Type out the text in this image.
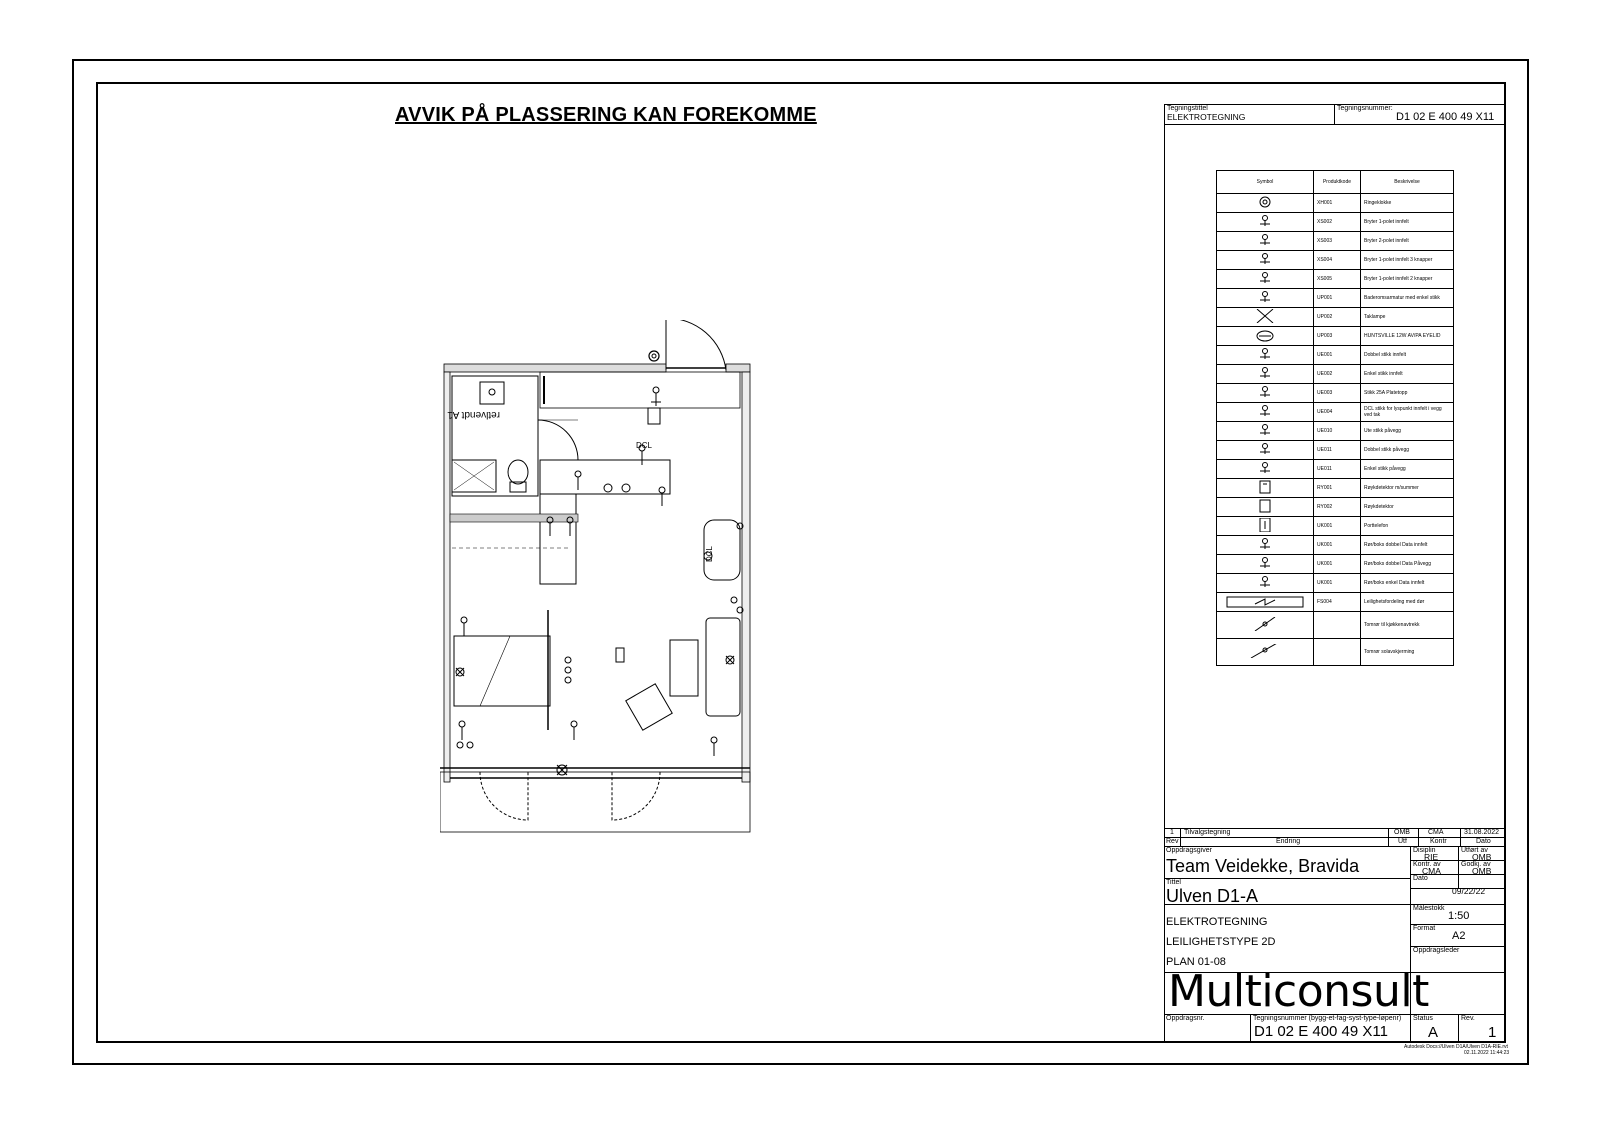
AVVIK PÅ PLASSERING KAN FOREKOMME
retlvendt A1
DCL
DCL
Tegningstittel
ELEKTROTEGNING
Tegningsnummer:
D1 02 E 400 49 X11
Symbol	Produktkode	Beskrivelse
	XH001	Ringeklokke
	XS002	Bryter 1-polet innfelt
	XS003	Bryter 2-polet innfelt
	XS004	Bryter 1-polet innfelt 3 knapper
	XS005	Bryter 1-polet innfelt 2 knapper
	UP001	Baderomsarmatur med enkel stikk
	UP002	Taklampe
	UP003	HUNTSVILLE 12W AV/PA EYELID
	UE001	Dobbel stikk innfelt
	UE002	Enkel stikk innfelt
	UE003	Stikk 25A Platetopp
	UE004	DCL stikk for lyspunkt innfelt i vegg ved tak
	UE010	Ute stikk påvegg
	UE011	Dobbel stikk påvegg
	UE011	Enkel stikk påvegg
	RY001	Røykdetektor m/summer
	RY002	Røykdetektor
	UK001	Porttelefon
	UK001	Rør/boks dobbel Data innfelt
	UK001	Rør/boks dobbel Data Påvegg
	UK001	Rør/boks enkel Data innfelt
	FS004	Leilighetsfordeling med dør
		Tomrør til kjøkkenavtrekk
		Tomrør solavskjerming
1 Tilvalgstegning	OMB	CMA	31.08.2022
Rev	Endring	Utf	Kontr	Dato
Oppdragsgiver
Team Veidekke, Bravida
Tittel
Ulven D1-A
ELEKTROTEGNING
LEILIGHETSTYPE 2D
PLAN 01-08
Disiplin
RIE
Utført av
OMB
Kontr. av
CMA
Godkj. av
OMB
Dato
09/22/22
Målestokk
1:50
Format
A2
Oppdragsleder
Multiconsult
Oppdragsnr.	Tegningsnummer (bygg-et-fag-syst-type-løpenr)
D1 02 E 400 49 X11
Status
A
Rev.
1
Autodesk Docs://Ulven D1A/Ulven D1A-RIE.rvt
02.11.2022 11:44:23
